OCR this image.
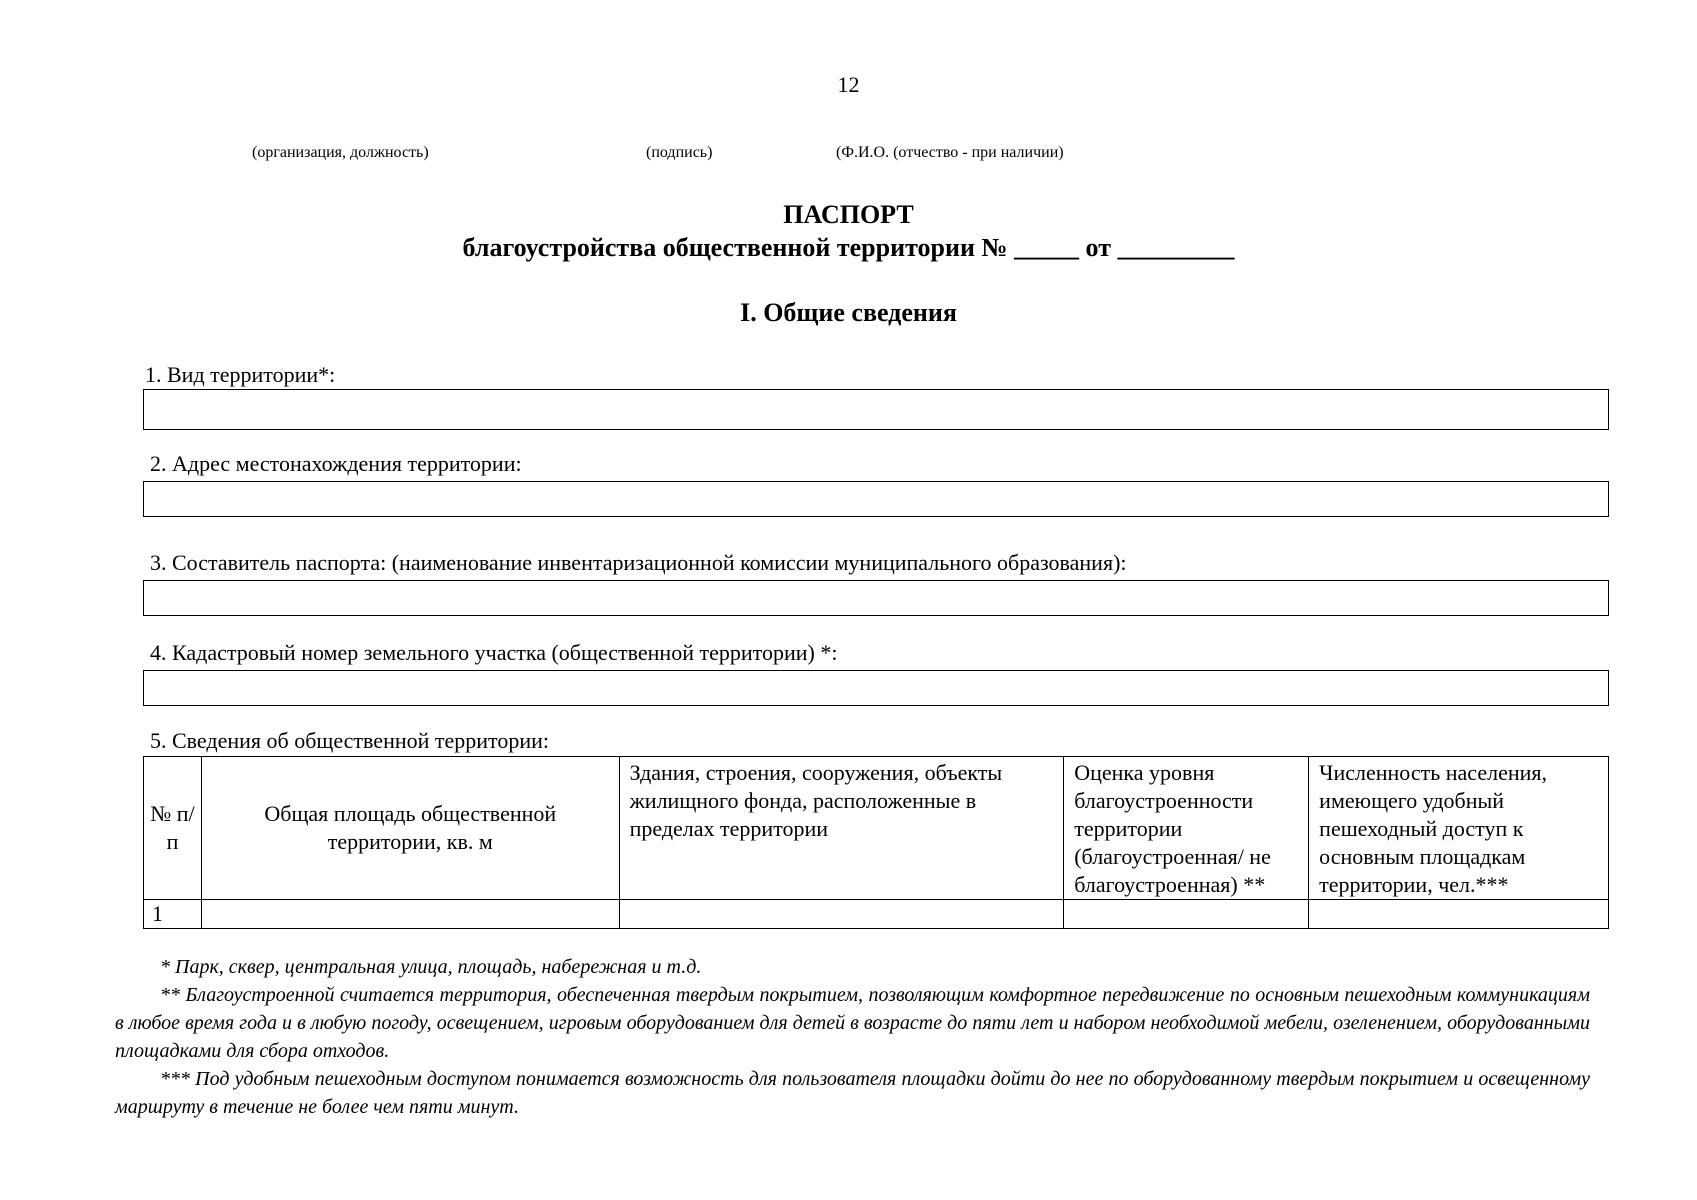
12
(организация, должность)	(подпись)	(Ф.И.О. (отчество - при наличии)
ПАСПОРТ
благоустройства общественной территории № _____ от _________
I. Общие сведения
1. Вид территории*:
2. Адрес местонахождения территории:
3. Составитель паспорта: (наименование инвентаризационной комиссии муниципального образования):
4. Кадастровый номер земельного участка (общественной территории) *:
5. Сведения об общественной территории:
№ п/п	Общая площадь общественной территории, кв. м	Здания, строения, сооружения, объекты жилищного фонда, расположенные в пределах территории	Оценка уровня благоустроенности территории (благоустроенная/ не благоустроенная) **	Численность населения, имеющего удобный пешеходный доступ к основным площадкам территории, чел.***
1				

* Парк, сквер, центральная улица, площадь, набережная и т.д.

** Благоустроенной считается территория, обеспеченная твердым покрытием, позволяющим комфортное передвижение по основным пешеходным коммуникациям в любое время года и в любую погоду, освещением, игровым оборудованием для детей в возрасте до пяти лет и набором необходимой мебели, озеленением, оборудованными площадками для сбора отходов.

*** Под удобным пешеходным доступом понимается возможность для пользователя площадки дойти до нее по оборудованному твердым покрытием и освещенному маршруту в течение не более чем пяти минут.
